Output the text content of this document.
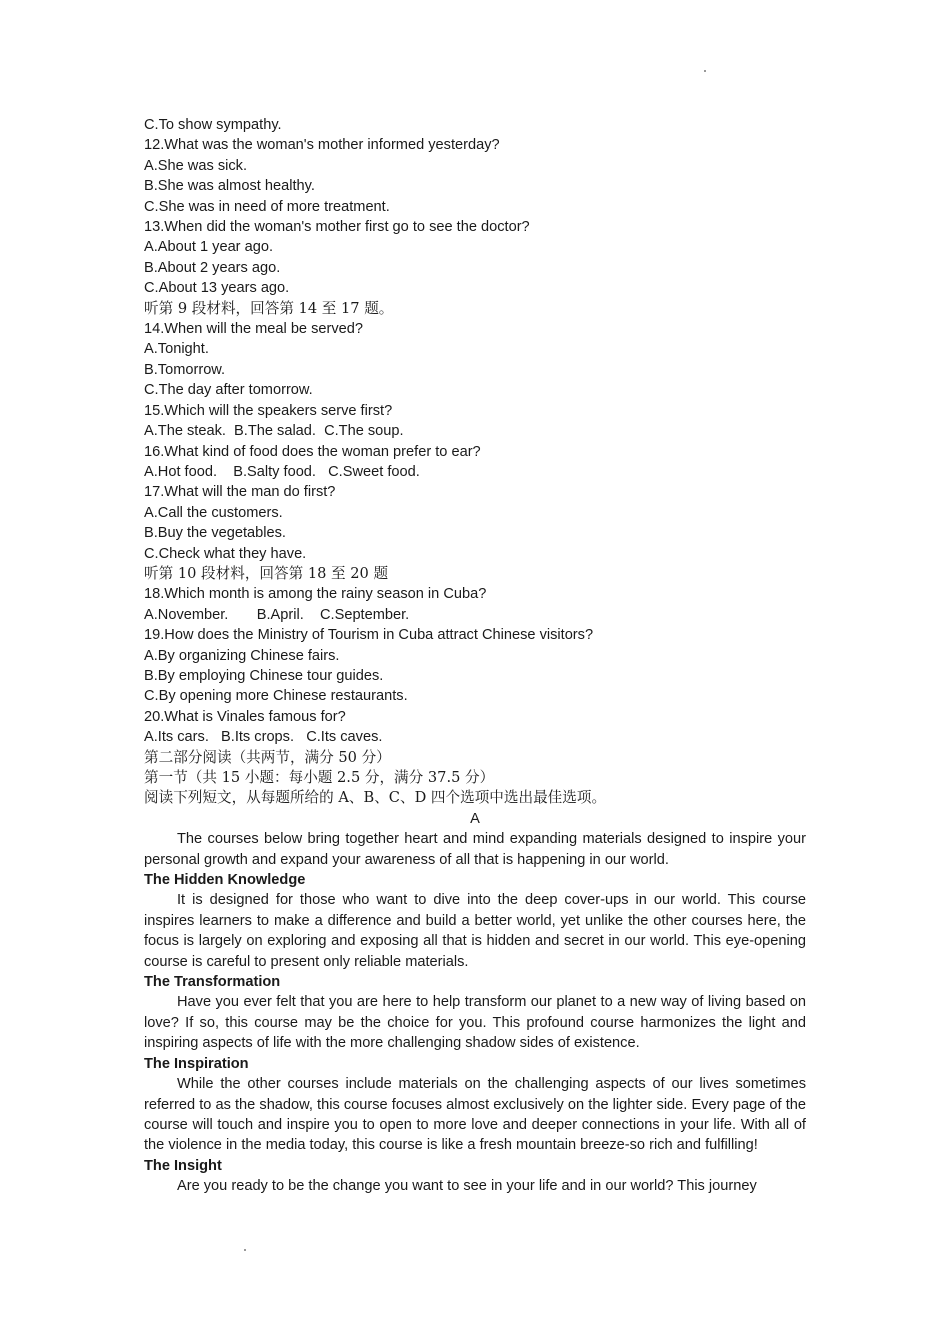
C.To show sympathy.
12.What was the woman's mother informed yesterday?
A.She was sick.
B.She was almost healthy.
C.She was in need of more treatment.
13.When did the woman's mother first go to see the doctor?
A.About 1 year ago.
B.About 2 years ago.
C.About 13 years ago.
听第 9 段材料，回答第 14 至 17 题。
14.When will the meal be served?
A.Tonight.
B.Tomorrow.
C.The day after tomorrow.
15.Which will the speakers serve first?
A.The steak.  B.The salad.  C.The soup.
16.What kind of food does the woman prefer to ear?
A.Hot food.    B.Salty food.   C.Sweet food.
17.What will the man do first?
A.Call the customers.
B.Buy the vegetables.
C.Check what they have.
听第 10 段材料，回答第 18 至 20 题
18.Which month is among the rainy season in Cuba?
A.November.       B.April.    C.September.
19.How does the Ministry of Tourism in Cuba attract Chinese visitors?
A.By organizing Chinese fairs.
B.By employing Chinese tour guides.
C.By opening more Chinese restaurants.
20.What is Vinales famous for?
A.Its cars.   B.Its crops.   C.Its caves.
第二部分阅读（共两节，满分 50 分）
第一节（共 15 小题：每小题 2.5 分，满分 37.5 分）
阅读下列短文，从每题所给的 A、B、C、D 四个选项中选出最佳选项。
A
The courses below bring together heart and mind expanding materials designed to inspire your personal growth and expand your awareness of all that is happening in our world.
The Hidden Knowledge
It is designed for those who want to dive into the deep cover-ups in our world. This course inspires learners to make a difference and build a better world, yet unlike the other courses here, the focus is largely on exploring and exposing all that is hidden and secret in our world. This eye-opening course is careful to present only reliable materials.
The Transformation
Have you ever felt that you are here to help transform our planet to a new way of living based on love? If so, this course may be the choice for you. This profound course harmonizes the light and inspiring aspects of life with the more challenging shadow sides of existence.
The Inspiration
While the other courses include materials on the challenging aspects of our lives sometimes referred to as the shadow, this course focuses almost exclusively on the lighter side. Every page of the course will touch and inspire you to open to more love and deeper connections in your life. With all of the violence in the media today, this course is like a fresh mountain breeze-so rich and fulfilling!
The Insight
Are you ready to be the change you want to see in your life and in our world? This journey
